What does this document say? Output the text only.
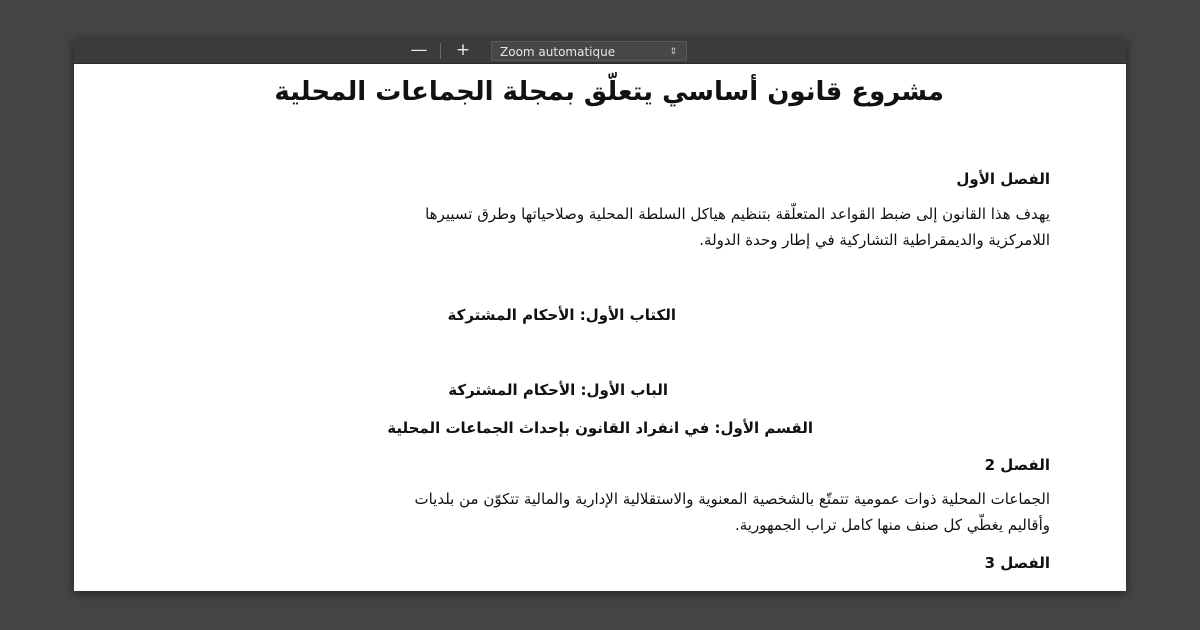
— +	Zoom automatique	⇕
مشروع قانون أساسي يتعلّق بمجلة الجماعات المحلية
الفصل الأول
يهدف هذا القانون إلى ضبط القواعد المتعلّقة بتنظيم هياكل السلطة المحلية وصلاحياتها وطرق تسييرها
اللامركزية والديمقراطية التشاركية في إطار وحدة الدولة.
الكتاب الأول: الأحكام المشتركة
الباب الأول: الأحكام المشتركة
القسم الأول: في انفراد القانون بإحداث الجماعات المحلية
الفصل 2
الجماعات المحلية ذوات عمومية تتمتّع بالشخصية المعنوية والاستقلالية الإدارية والمالية تتكوّن من بلديات
وأقاليم يغطّي كل صنف منها كامل تراب الجمهورية.
الفصل 3
